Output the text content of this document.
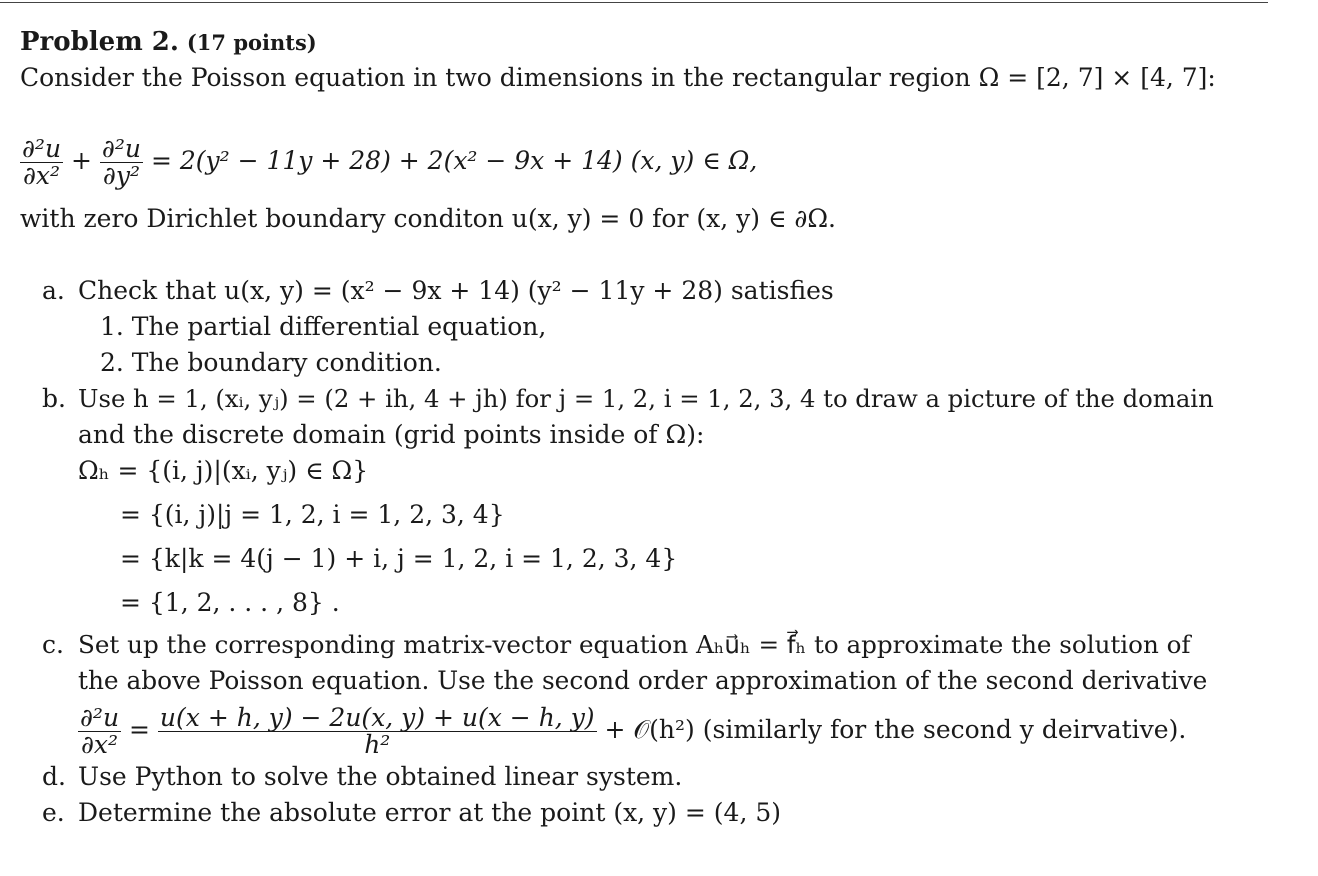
Problem 2. (17 points)
Consider the Poisson equation in two dimensions in the rectangular region Ω = [2, 7] × [4, 7]:
$\frac{\text{∂²u}}{\text{∂x²}} + \frac{\text{∂²u}}{\text{∂y²}} = 2(y^2 - 11y + 28) + 2(x^2 - 9x + 14)$ (x, y) ∈ Ω,
with zero Dirichlet boundary conditon u(x, y) = 0 for (x, y) ∈ ∂Ω.
a. Check that u(x, y) = (x² − 9x + 14) (y² − 11y + 28) satisfies
1. The partial differential equation,
2. The boundary condition.
b. Use h = 1, (xᵢ, yⱼ) = (2 + ih, 4 + jh) for j = 1, 2, i = 1, 2, 3, 4 to draw a picture of the domain
and the discrete domain (grid points inside of Ω):
Ωₕ = {(i, j)|(xᵢ, yⱼ) ∈ Ω}
= {(i, j)|j = 1, 2, i = 1, 2, 3, 4}
= {k|k = 4(j − 1) + i, j = 1, 2, i = 1, 2, 3, 4}
= {1, 2, . . . , 8} .
c. Set up the corresponding matrix-vector equation Aₕu⃗ₕ = f⃗ₕ to approximate the solution of
the above Poisson equation. Use the second order approximation of the second derivative
$\frac{\text{∂²u}}{\text{∂x²}} = \frac{u(x + h, y) - 2u(x, y) + u(x - h, y)}{\text{h²}}$ + 𝒪(h²) (similarly for the second y deirvative).
d. Use Python to solve the obtained linear system.
e. Determine the absolute error at the point (x, y) = (4, 5)
